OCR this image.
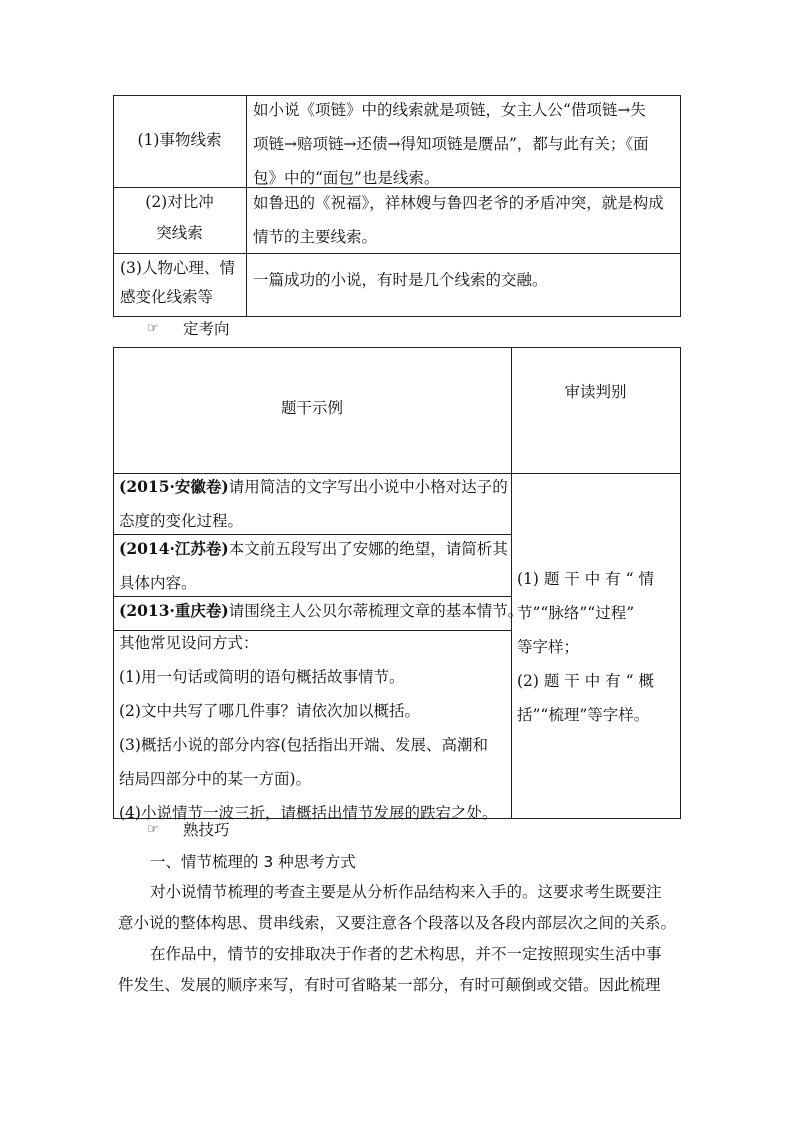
(1)事物线索
如小说《项链》中的线索就是项链，女主人公“借项链→失
项链→赔项链→还债→得知项链是赝品”，都与此有关；《面
包》中的“面包”也是线索。
(2)对比冲
突线索
如鲁迅的《祝福》，祥林嫂与鲁四老爷的矛盾冲突，就是构成
情节的主要线索。
(3)人物心理、情
感变化线索等
一篇成功的小说，有时是几个线索的交融。
☞ 定考向
题干示例
审读判别
(2015·安徽卷)请用简洁的文字写出小说中小格对达子的
态度的变化过程。
(2014·江苏卷)本文前五段写出了安娜的绝望，请简析其
具体内容。
(2013·重庆卷)请围绕主人公贝尔蒂梳理文章的基本情节。
其他常见设问方式：
(1)用一句话或简明的语句概括故事情节。
(2)文中共写了哪几件事？请依次加以概括。
(3)概括小说的部分内容(包括指出开端、发展、高潮和
结局四部分中的某一方面)。
(4)小说情节一波三折，请概括出情节发展的跌宕之处。
(1) 题 干 中 有 “ 情
节”“脉络”“过程”
等字样；
(2) 题 干 中 有 “ 概
括”“梳理”等字样。
☞ 熟技巧
一、情节梳理的 3 种思考方式
对小说情节梳理的考查主要是从分析作品结构来入手的。这要求考生既要注
意小说的整体构思、贯串线索，又要注意各个段落以及各段内部层次之间的关系。
在作品中，情节的安排取决于作者的艺术构思，并不一定按照现实生活中事
件发生、发展的顺序来写，有时可省略某一部分，有时可颠倒或交错。因此梳理
